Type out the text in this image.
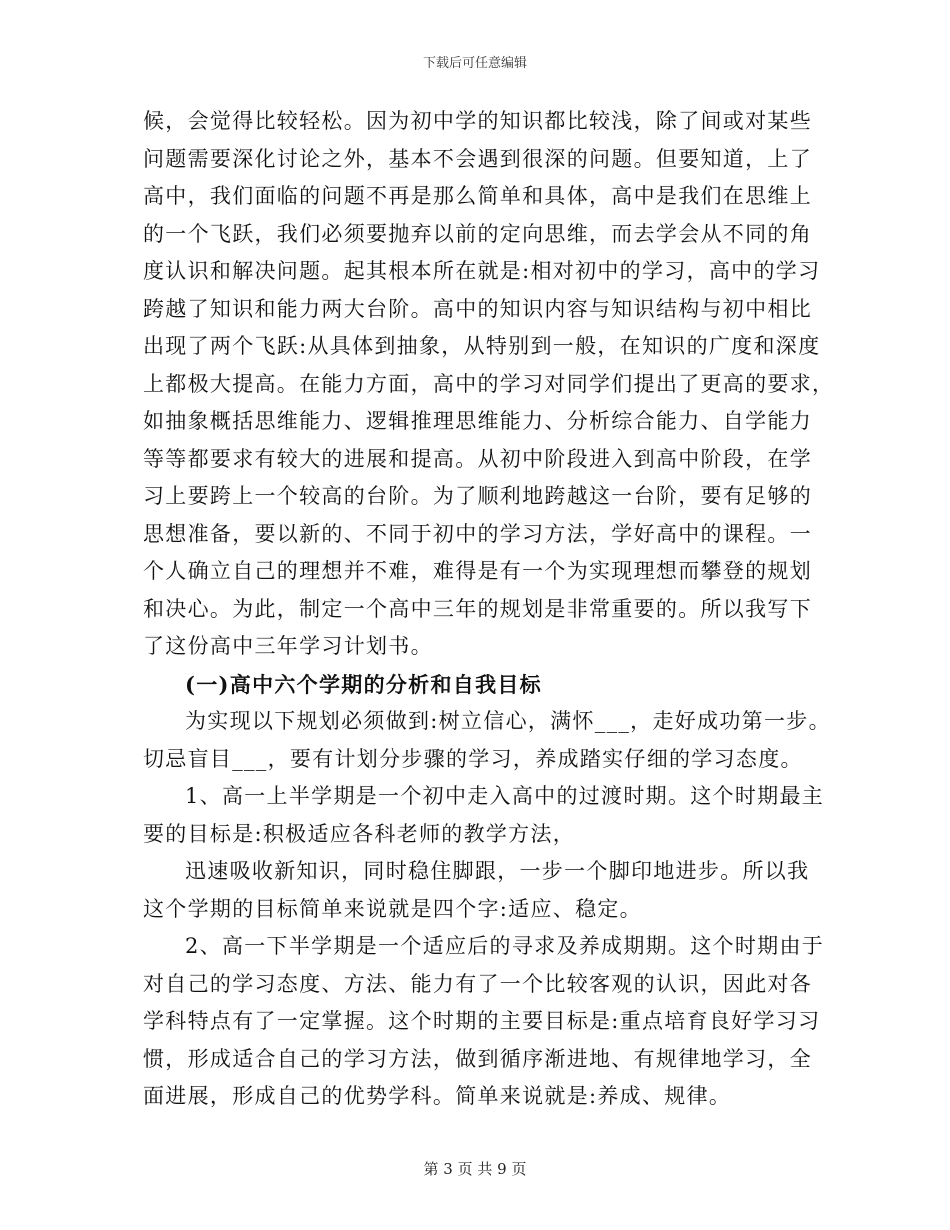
下载后可任意编辑
候，会觉得比较轻松。因为初中学的知识都比较浅，除了间或对某些
问题需要深化讨论之外，基本不会遇到很深的问题。但要知道，上了
高中，我们面临的问题不再是那么简单和具体，高中是我们在思维上
的一个飞跃，我们必须要抛弃以前的定向思维，而去学会从不同的角
度认识和解决问题。起其根本所在就是:相对初中的学习，高中的学习
跨越了知识和能力两大台阶。高中的知识内容与知识结构与初中相比
出现了两个飞跃:从具体到抽象，从特别到一般，在知识的广度和深度
上都极大提高。在能力方面，高中的学习对同学们提出了更高的要求，
如抽象概括思维能力、逻辑推理思维能力、分析综合能力、自学能力
等等都要求有较大的进展和提高。从初中阶段进入到高中阶段，在学
习上要跨上一个较高的台阶。为了顺利地跨越这一台阶，要有足够的
思想准备，要以新的、不同于初中的学习方法，学好高中的课程。一
个人确立自己的理想并不难，难得是有一个为实现理想而攀登的规划
和决心。为此，制定一个高中三年的规划是非常重要的。所以我写下
了这份高中三年学习计划书。
(一)高中六个学期的分析和自我目标
为实现以下规划必须做到:树立信心，满怀___，走好成功第一步。
切忌盲目___，要有计划分步骤的学习，养成踏实仔细的学习态度。
1、高一上半学期是一个初中走入高中的过渡时期。这个时期最主
要的目标是:积极适应各科老师的教学方法，
迅速吸收新知识，同时稳住脚跟，一步一个脚印地进步。所以我
这个学期的目标简单来说就是四个字:适应、稳定。
2、高一下半学期是一个适应后的寻求及养成期期。这个时期由于
对自己的学习态度、方法、能力有了一个比较客观的认识，因此对各
学科特点有了一定掌握。这个时期的主要目标是:重点培育良好学习习
惯，形成适合自己的学习方法，做到循序渐进地、有规律地学习，全
面进展，形成自己的优势学科。简单来说就是:养成、规律。
第 3 页 共 9 页
